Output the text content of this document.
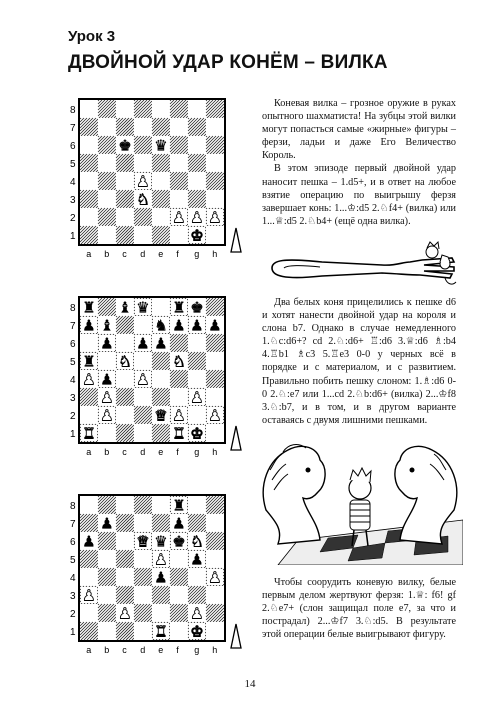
Урок 3
ДВОЙНОЙ УДАР КОНЁМ – ВИЛКА
8
7
6
5
4
3
2
1
a b c d e f g h
♚ ♛
♞
♟ ♟ ♟
♟
♚
8
7
6
5
4
3
2
1
a b c d e f g h
♜ ♝ ♛ ♜ ♚
♟ ♝	♞ ♟ ♟ ♟
♟ ♟ ♟
♜ ♞	♞
♟ ♟ ♟
♟	♟
♟	♛ ♟ ♟
♜	♜ ♚
8
7
6
5
4
3
2
1
a b c d e f g h
♜
♟	♟
♟	♛ ♛ ♚ ♞
♟ ♟
♟	♟
♟
♟	♟
♜ ♚

Коневая вилка – грозное оружие в руках опытного шахматиста! На зубцы этой вилки могут попасться самые «жирные» фигуры – ферзи, ладьи и даже Его Величество Король.

В этом эпизоде первый двойной удар наносит пешка – 1.d5+, и в ответ на любое взятие операцию по выигрышу ферзя завершает конь: 1...♔:d5 2.♘f4+ (вилка) или 1...♕:d5 2.♘b4+ (ещё одна вилка).

Два белых коня прицелились к пешке d6 и хотят нанести двойной удар на короля и слона b7. Однако в случае немедленного 1.♘c:d6+? cd 2.♘:d6+ ♖:d6 3.♕:d6 ♗:b4 4.♖b1 ♗c3 5.♖e3 0-0 у черных всё в порядке и с материалом, и с развитием. Правильно побить пешку слоном: 1.♗:d6 0-0 2.♘:e7 или 1...cd 2.♘b:d6+ (вилка) 2...♔f8 3.♘:b7, и в том, и в другом варианте оставаясь с двумя лишними пешками.

Чтобы соорудить коневую вилку, белые первым делом жертвуют ферзя: 1.♕: f6! gf 2.♘e7+ (слон защищал поле e7, за что и пострадал) 2...♔f7 3.♘:d5. В результате этой операции белые выигрывают фигуру.

14
